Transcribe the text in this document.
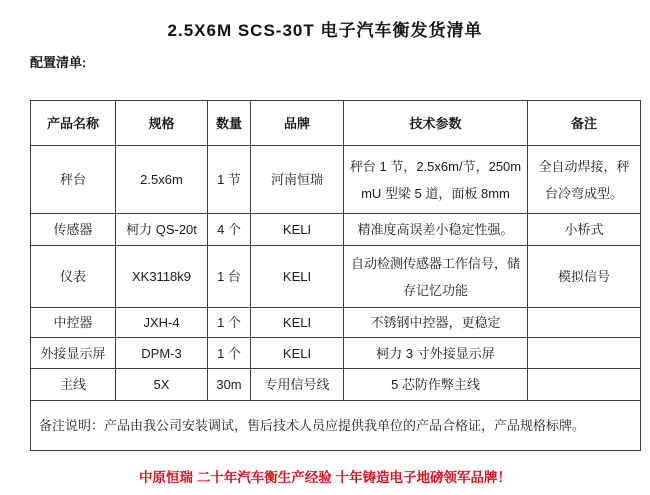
2.5X6M SCS-30T 电子汽车衡发货清单
配置清单:
产品名称	规格	数量	品牌	技术参数	备注
秤台	2.5x6m	1 节	河南恒瑞	秤台 1 节，2.5x6m/节，250mmU 型梁 5 道，面板 8mm	全自动焊接，秤台冷弯成型。
传感器	柯力 QS-20t	4 个	KELI	精准度高误差小稳定性强。	小桥式
仪表	XK3118k9	1 台	KELI	自动检测传感器工作信号，储存记忆功能	模拟信号
中控器	JXH-4	1 个	KELI	不锈钢中控器，更稳定	
外接显示屏	DPM-3	1 个	KELI	柯力 3 寸外接显示屏	
主线	5X	30m	专用信号线	5 芯防作弊主线	
备注说明：产品由我公司安装调试，售后技术人员应提供我单位的产品合格证，产品规格标牌。					
中原恒瑞 二十年汽车衡生产经验 十年铸造电子地磅领军品牌！
